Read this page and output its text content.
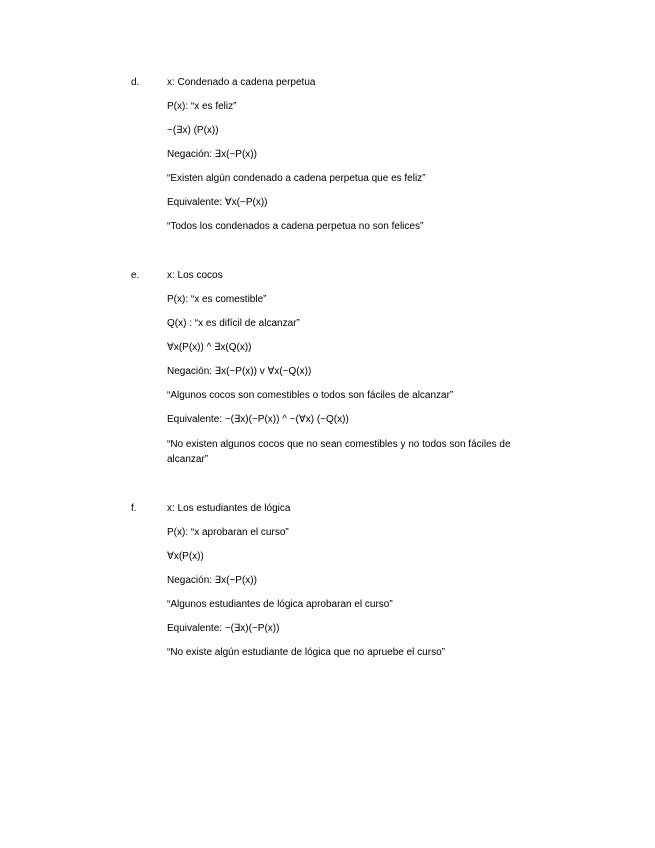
d.	x: Condenado a cadena perpetua
P(x): “x es feliz”
~(∃x) (P(x))
Negación: ∃x(~P(x))
“Existen algún condenado a cadena perpetua que es feliz”
Equivalente: ∀x(~P(x))
“Todos los condenados a cadena perpetua no son felices”
e.	x: Los cocos
P(x): “x es comestible”
Q(x) : “x es difícil de alcanzar”
∀x(P(x)) ^ ∃x(Q(x))
Negación: ∃x(~P(x)) v ∀x(~Q(x))
“Algunos cocos son comestibles o todos son fáciles de alcanzar”
Equivalente: ~(∃x)(~P(x)) ^ ~(∀x) (~Q(x))
“No existen algunos cocos que no sean comestibles y no todos son fáciles de alcanzar”
f.	x: Los estudiantes de lógica
P(x): “x aprobaran el curso”
∀x(P(x))
Negación: ∃x(~P(x))
“Algunos estudiantes de lógica aprobaran el curso”
Equivalente: ~(∃x)(~P(x))
“No existe algún estudiante de lógica que no apruebe el curso”
